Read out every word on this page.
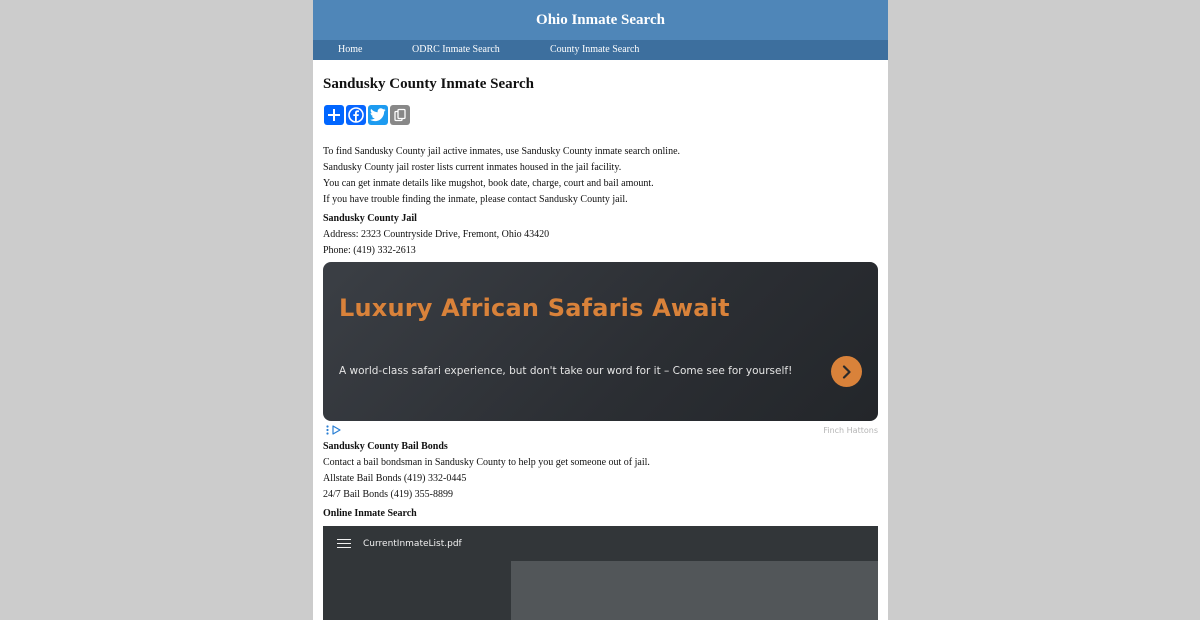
Ohio Inmate Search
Home	ODRC Inmate Search	County Inmate Search
Sandusky County Inmate Search
To find Sandusky County jail active inmates, use Sandusky County inmate search online.
Sandusky County jail roster lists current inmates housed in the jail facility.
You can get inmate details like mugshot, book date, charge, court and bail amount.
If you have trouble finding the inmate, please contact Sandusky County jail.
Sandusky County Jail
Address: 2323 Countryside Drive, Fremont, Ohio 43420
Phone: (419) 332-2613
Luxury African Safaris Await
A world-class safari experience, but don't take our word for it – Come see for yourself!
Finch Hattons
Sandusky County Bail Bonds
Contact a bail bondsman in Sandusky County to help you get someone out of jail.
Allstate Bail Bonds (419) 332-0445
24/7 Bail Bonds (419) 355-8899
Online Inmate Search
CurrentInmateList.pdf
